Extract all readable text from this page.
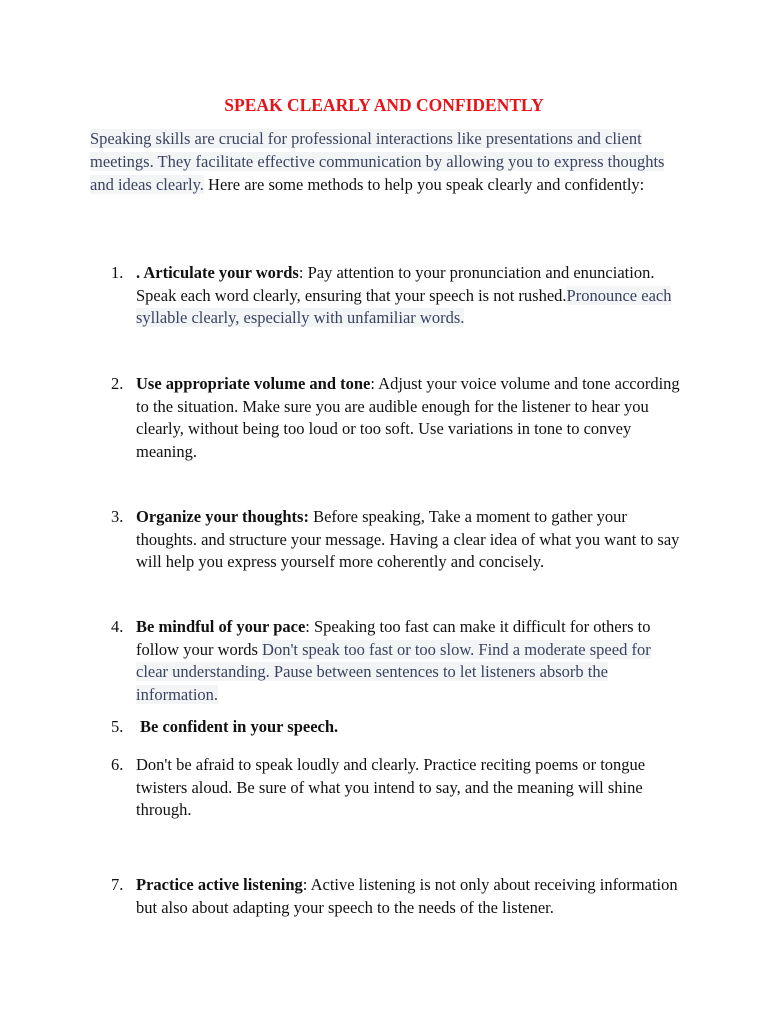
SPEAK CLEARLY AND CONFIDENTLY
Speaking skills are crucial for professional interactions like presentations and client meetings. They facilitate effective communication by allowing you to express thoughts and ideas clearly. Here are some methods to help you speak clearly and confidently:
1. . Articulate your words: Pay attention to your pronunciation and enunciation. Speak each word clearly, ensuring that your speech is not rushed.Pronounce each syllable clearly, especially with unfamiliar words.
2. Use appropriate volume and tone: Adjust your voice volume and tone according to the situation. Make sure you are audible enough for the listener to hear you clearly, without being too loud or too soft. Use variations in tone to convey meaning.
3. Organize your thoughts: Before speaking, Take a moment to gather your thoughts. and structure your message. Having a clear idea of what you want to say will help you express yourself more coherently and concisely.
4. Be mindful of your pace: Speaking too fast can make it difficult for others to follow your words Don't speak too fast or too slow. Find a moderate speed for clear understanding. Pause between sentences to let listeners absorb the information.
5.	Be confident in your speech.
6. Don't be afraid to speak loudly and clearly. Practice reciting poems or tongue twisters aloud. Be sure of what you intend to say, and the meaning will shine through.
7. Practice active listening: Active listening is not only about receiving information but also about adapting your speech to the needs of the listener.
